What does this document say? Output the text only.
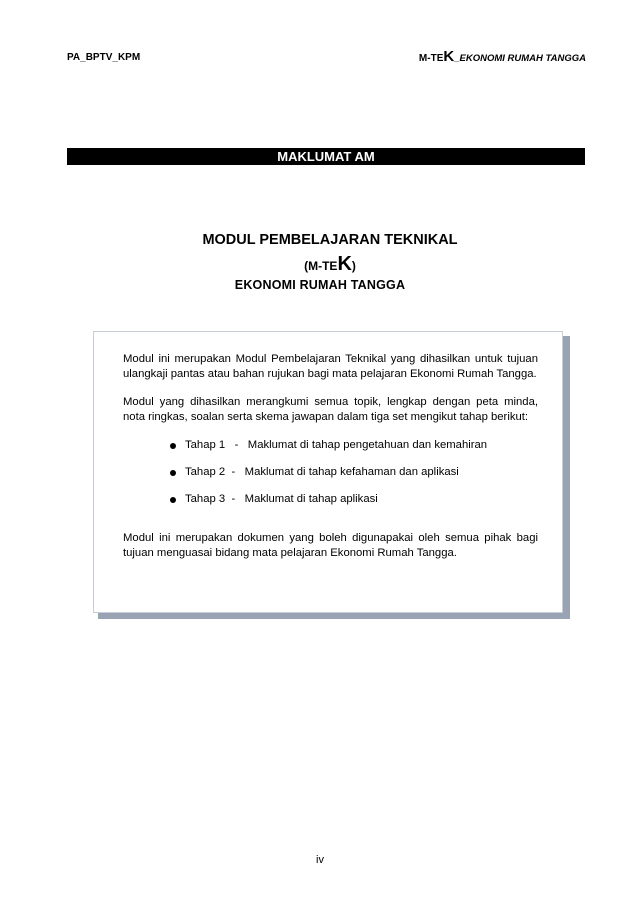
PA_BPTV_KPM	M-TEK_EKONOMI RUMAH TANGGA
MAKLUMAT AM
MODUL PEMBELAJARAN TEKNIKAL
(M-TEK)
EKONOMI RUMAH TANGGA

Modul ini merupakan Modul Pembelajaran Teknikal yang dihasilkan untuk tujuan ulangkaji pantas atau bahan rujukan bagi mata pelajaran Ekonomi Rumah Tangga.

Modul yang dihasilkan merangkumi semua topik, lengkap dengan peta minda, nota ringkas, soalan serta skema jawapan dalam tiga set mengikut tahap berikut:

Tahap 1   -   Maklumat di tahap pengetahuan dan kemahiran
Tahap 2  -   Maklumat di tahap kefahaman dan aplikasi
Tahap 3  -   Maklumat di tahap aplikasi

Modul ini merupakan dokumen yang boleh digunapakai oleh semua pihak bagi tujuan menguasai bidang mata pelajaran Ekonomi Rumah Tangga.

iv
